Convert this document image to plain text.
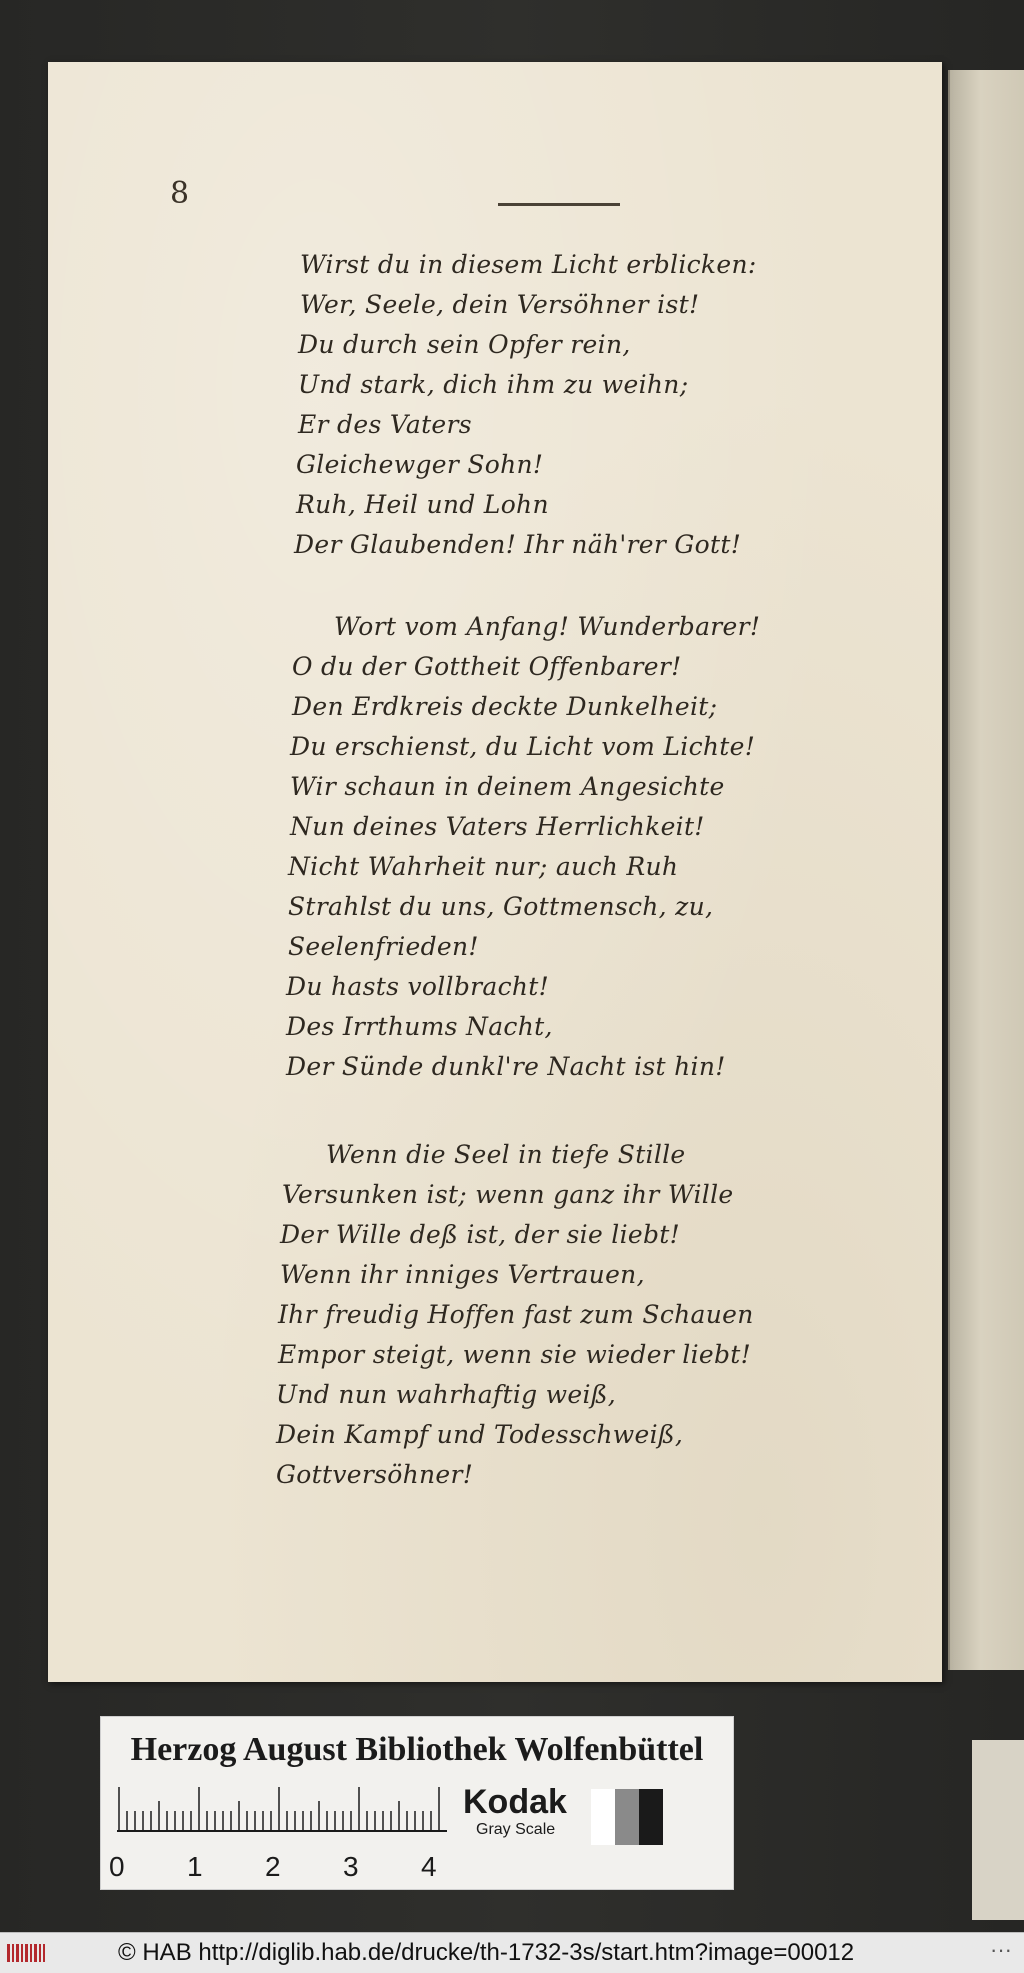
8
Wirst du in diesem Licht erblicken:
Wer, Seele, dein Versöhner ist!
Du durch sein Opfer rein,
Und stark, dich ihm zu weihn;
Er des Vaters
Gleichewger Sohn!
Ruh, Heil und Lohn
Der Glaubenden! Ihr näh'rer Gott!
Wort vom Anfang! Wunderbarer!
O du der Gottheit Offenbarer!
Den Erdkreis deckte Dunkelheit;
Du erschienst, du Licht vom Lichte!
Wir schaun in deinem Angesichte
Nun deines Vaters Herrlichkeit!
Nicht Wahrheit nur; auch Ruh
Strahlst du uns, Gottmensch, zu,
Seelenfrieden!
Du hasts vollbracht!
Des Irrthums Nacht,
Der Sünde dunkl're Nacht ist hin!
Wenn die Seel in tiefe Stille
Versunken ist; wenn ganz ihr Wille
Der Wille deß ist, der sie liebt!
Wenn ihr inniges Vertrauen,
Ihr freudig Hoffen fast zum Schauen
Empor steigt, wenn sie wieder liebt!
Und nun wahrhaftig weiß,
Dein Kampf und Todesschweiß,
Gottversöhner!
Herzog August Bibliothek Wolfenbüttel
0 1 2 3 4
Kodak
Gray Scale
© HAB http://diglib.hab.de/drucke/th-1732-3s/start.htm?image=00012	···
